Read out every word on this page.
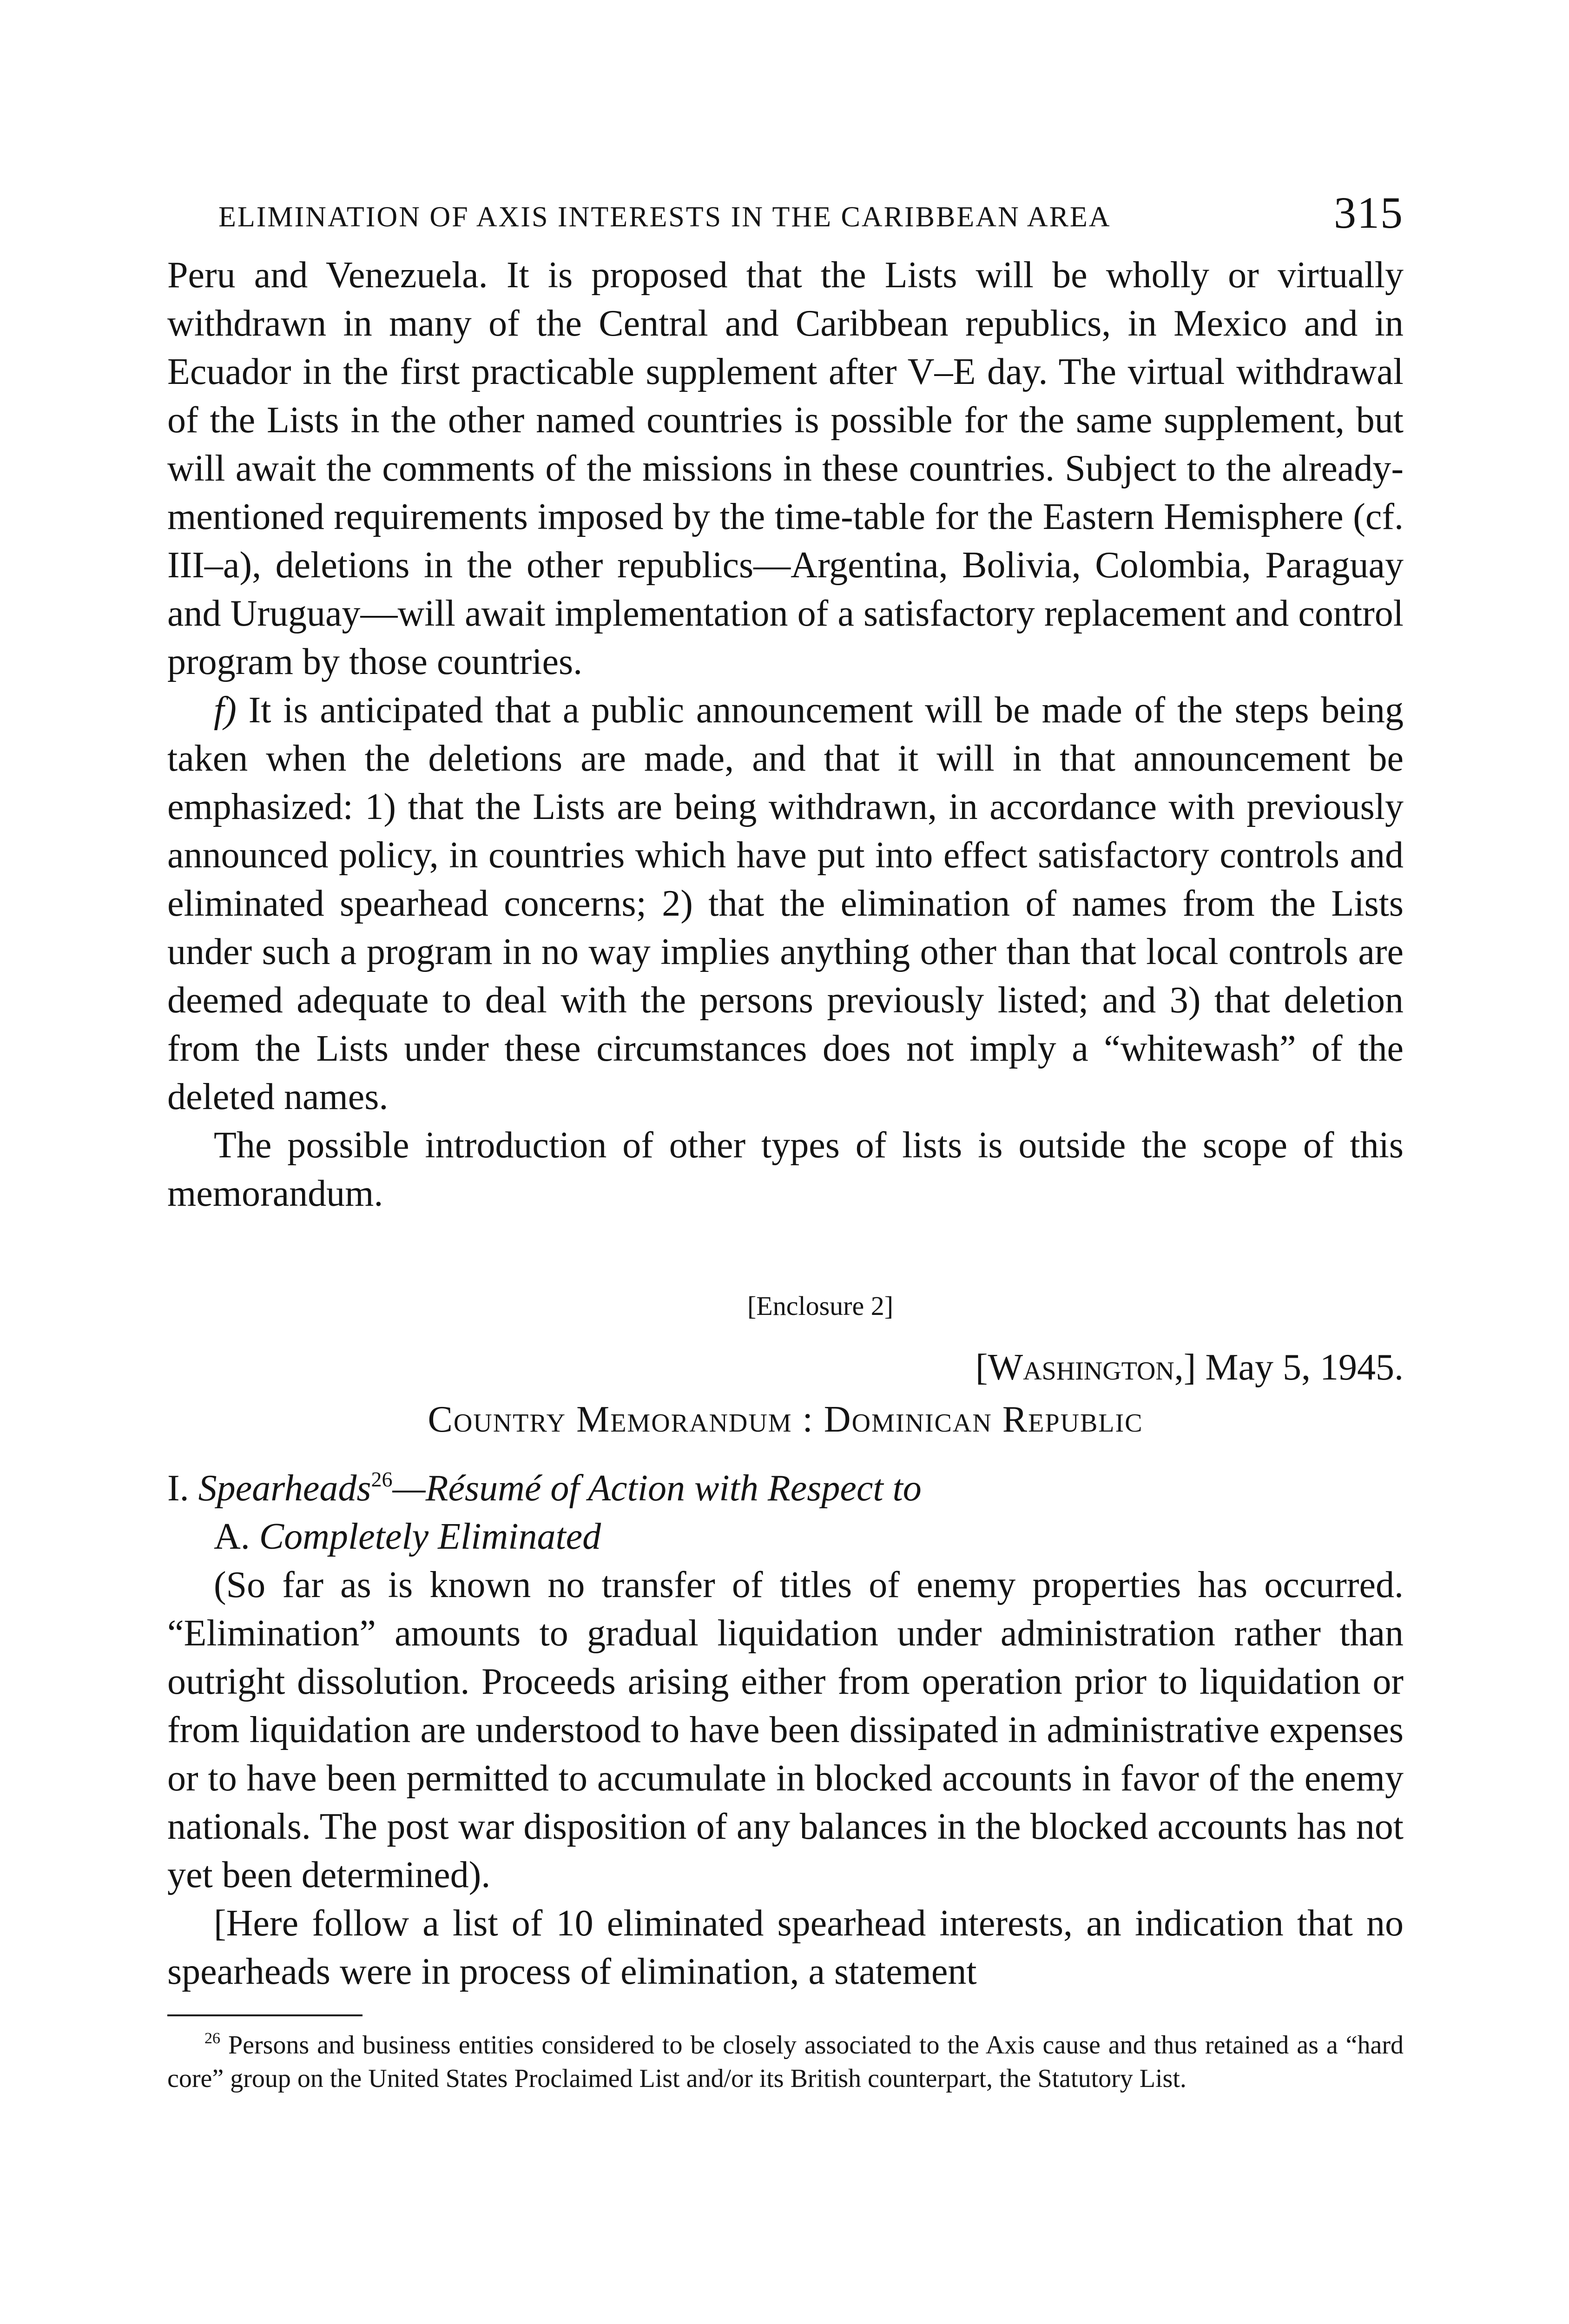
ELIMINATION OF AXIS INTERESTS IN THE CARIBBEAN AREA	315

Peru and Venezuela. It is proposed that the Lists will be wholly or virtually withdrawn in many of the Central and Caribbean republics, in Mexico and in Ecuador in the first practicable supplement after V–E day. The virtual withdrawal of the Lists in the other named countries is possible for the same supplement, but will await the comments of the missions in these countries. Subject to the already-mentioned requirements imposed by the time-table for the Eastern Hemisphere (cf. III–a), deletions in the other republics—Argentina, Bolivia, Colombia, Paraguay and Uruguay—will await implementation of a satisfactory replacement and control program by those countries.

f) It is anticipated that a public announcement will be made of the steps being taken when the deletions are made, and that it will in that announcement be emphasized: 1) that the Lists are being withdrawn, in accordance with previously announced policy, in countries which have put into effect satisfactory controls and eliminated spearhead concerns; 2) that the elimination of names from the Lists under such a program in no way implies anything other than that local controls are deemed adequate to deal with the persons previously listed; and 3) that deletion from the Lists under these circumstances does not imply a “whitewash” of the deleted names.

The possible introduction of other types of lists is outside the scope of this memorandum.

[Enclosure 2]
[Washington,] May 5, 1945.
Country Memorandum : Dominican Republic
I. Spearheads$^{26}$—Résumé of Action with Respect to
A. Completely Eliminated

(So far as is known no transfer of titles of enemy properties has occurred. “Elimination” amounts to gradual liquidation under administration rather than outright dissolution. Proceeds arising either from operation prior to liquidation or from liquidation are understood to have been dissipated in administrative expenses or to have been permitted to accumulate in blocked accounts in favor of the enemy nationals. The post war disposition of any balances in the blocked accounts has not yet been determined).

[Here follow a list of 10 eliminated spearhead interests, an indication that no spearheads were in process of elimination, a statement

$^{26}$ Persons and business entities considered to be closely associated to the Axis cause and thus retained as a “hard core” group on the United States Proclaimed List and/or its British counterpart, the Statutory List.
